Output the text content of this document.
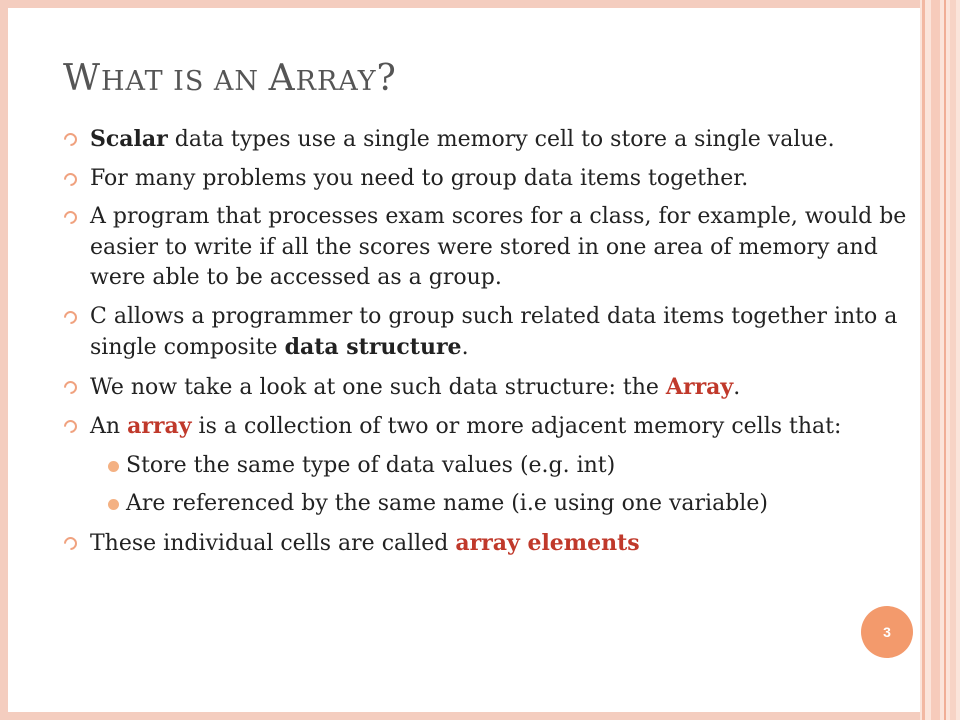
WHAT IS AN ARRAY?

Scalar data types use a single memory cell to store a single value.

For many problems you need to group data items together.

A program that processes exam scores for a class, for example, would be easier to write if all the scores were stored in one area of memory and were able to be accessed as a group.

C allows a programmer to group such related data items together into a single composite data structure.

We now take a look at one such data structure: the Array.

An array is a collection of two or more adjacent memory cells that:

Store the same type of data values (e.g. int)

Are referenced by the same name (i.e using one variable)

These individual cells are called array elements

3
